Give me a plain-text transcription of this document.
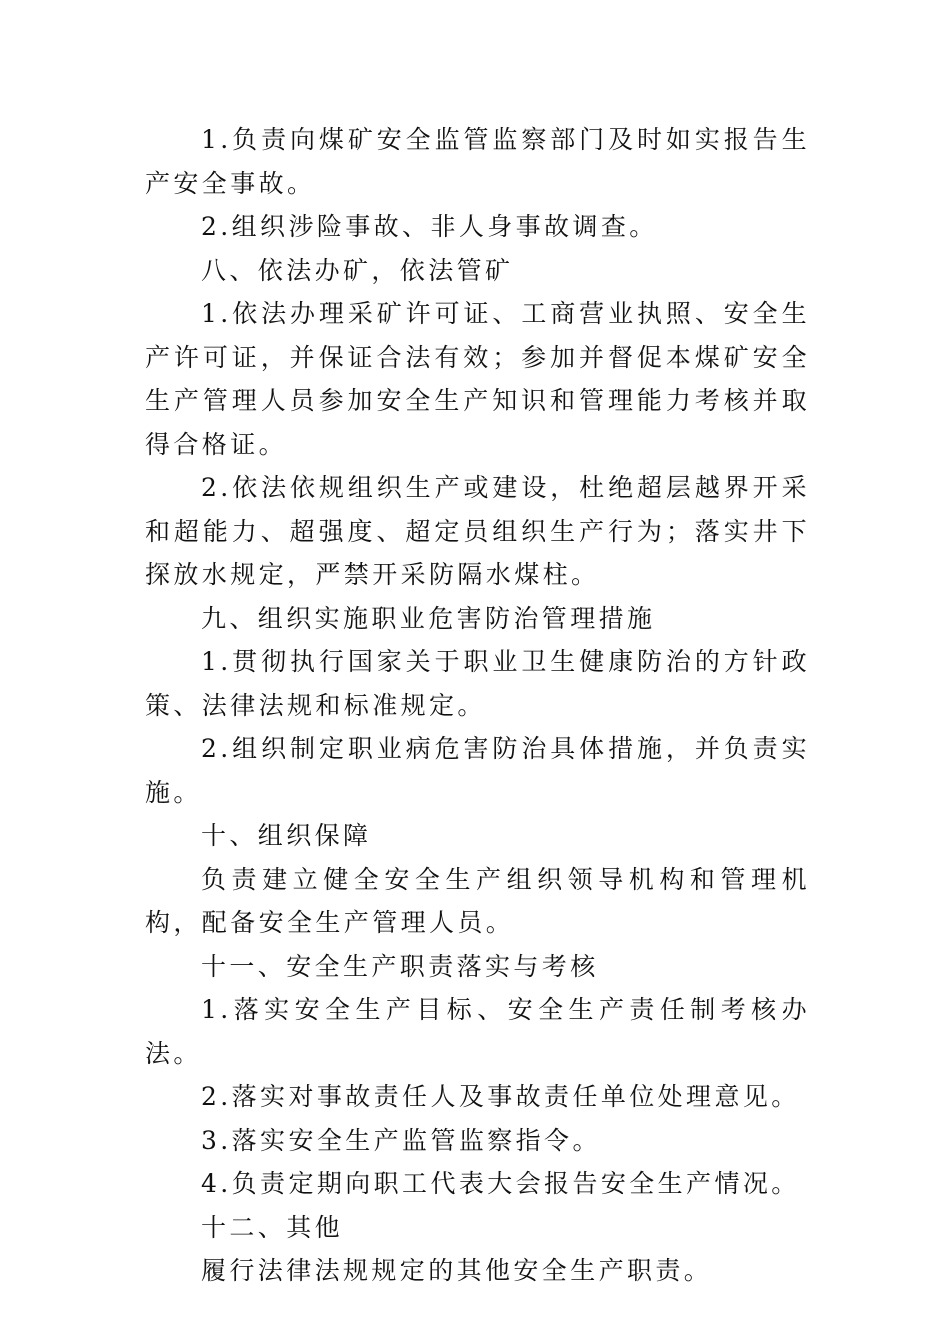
1.负责向煤矿安全监管监察部门及时如实报告生产安全事故。

2.组织涉险事故、非人身事故调查。

八、依法办矿，依法管矿

1.依法办理采矿许可证、工商营业执照、安全生产许可证，并保证合法有效；参加并督促本煤矿安全生产管理人员参加安全生产知识和管理能力考核并取得合格证。

2.依法依规组织生产或建设，杜绝超层越界开采和超能力、超强度、超定员组织生产行为；落实井下探放水规定，严禁开采防隔水煤柱。

九、组织实施职业危害防治管理措施

1.贯彻执行国家关于职业卫生健康防治的方针政策、法律法规和标准规定。

2.组织制定职业病危害防治具体措施，并负责实施。

十、组织保障

负责建立健全安全生产组织领导机构和管理机构，配备安全生产管理人员。

十一、安全生产职责落实与考核

1.落实安全生产目标、安全生产责任制考核办法。

2.落实对事故责任人及事故责任单位处理意见。

3.落实安全生产监管监察指令。

4.负责定期向职工代表大会报告安全生产情况。

十二、其他

履行法律法规规定的其他安全生产职责。
